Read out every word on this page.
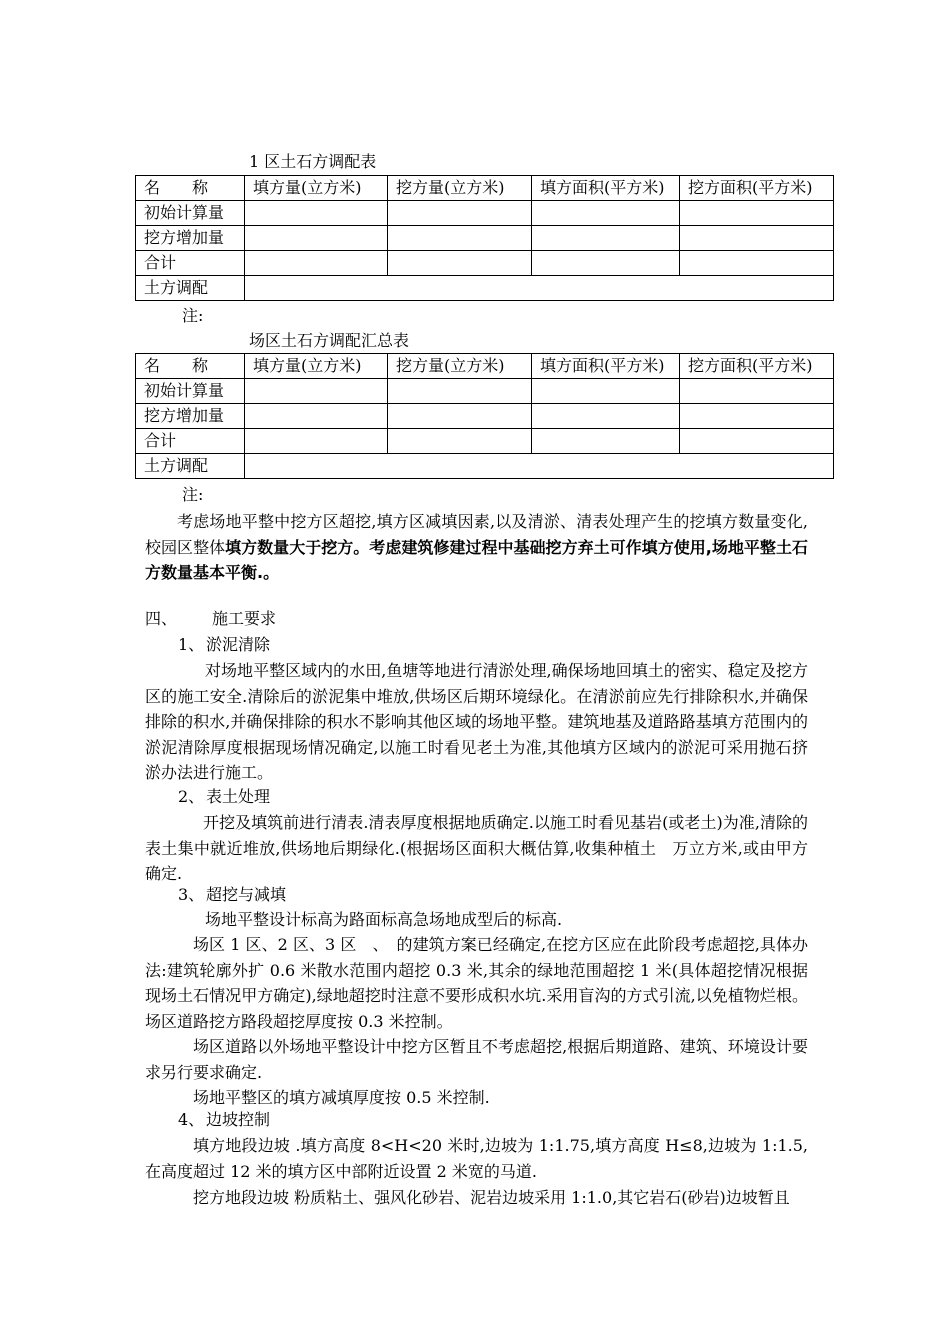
1 区土石方调配表
名　　称	填方量(立方米)	挖方量(立方米)	填方面积(平方米)	挖方面积(平方米)
初始计算量				
挖方增加量				
合计				
土方调配				
注:
场区土石方调配汇总表
名　　称	填方量(立方米)	挖方量(立方米)	填方面积(平方米)	挖方面积(平方米)
初始计算量				
挖方增加量				
合计				
土方调配				
注:
考虑场地平整中挖方区超挖,填方区减填因素,以及清淤、清表处理产生的挖填方数量变化,校园区整体填方数量大于挖方。考虑建筑修建过程中基础挖方弃土可作填方使用,场地平整土石方数量基本平衡.。
四、 施工要求
1、 淤泥清除
对场地平整区域内的水田,鱼塘等地进行清淤处理,确保场地回填土的密实、稳定及挖方区的施工安全.清除后的淤泥集中堆放,供场区后期环境绿化。在清淤前应先行排除积水,并确保排除的积水,并确保排除的积水不影响其他区域的场地平整。建筑地基及道路路基填方范围内的淤泥清除厚度根据现场情况确定,以施工时看见老土为准,其他填方区域内的淤泥可采用抛石挤淤办法进行施工。
2、 表土处理
开挖及填筑前进行清表.清表厚度根据地质确定.以施工时看见基岩(或老土)为准,清除的表土集中就近堆放,供场地后期绿化.(根据场区面积大概估算,收集种植土　万立方米,或由甲方确定.
3、 超挖与减填
场地平整设计标高为路面标高急场地成型后的标高.
场区 1 区、2 区、3 区　、　的建筑方案已经确定,在挖方区应在此阶段考虑超挖,具体办法:建筑轮廓外扩 0.6 米散水范围内超挖 0.3 米,其余的绿地范围超挖 1 米(具体超挖情况根据现场土石情况甲方确定),绿地超挖时注意不要形成积水坑.采用盲沟的方式引流,以免植物烂根。场区道路挖方路段超挖厚度按 0.3 米控制。
场区道路以外场地平整设计中挖方区暂且不考虑超挖,根据后期道路、建筑、环境设计要求另行要求确定.
场地平整区的填方减填厚度按 0.5 米控制.
4、 边坡控制
填方地段边坡 .填方高度 8<H<20 米时,边坡为 1:1.75,填方高度 H≤8,边坡为 1:1.5,在高度超过 12 米的填方区中部附近设置 2 米宽的马道.
挖方地段边坡 粉质粘土、强风化砂岩、泥岩边坡采用 1:1.0,其它岩石(砂岩)边坡暂且
